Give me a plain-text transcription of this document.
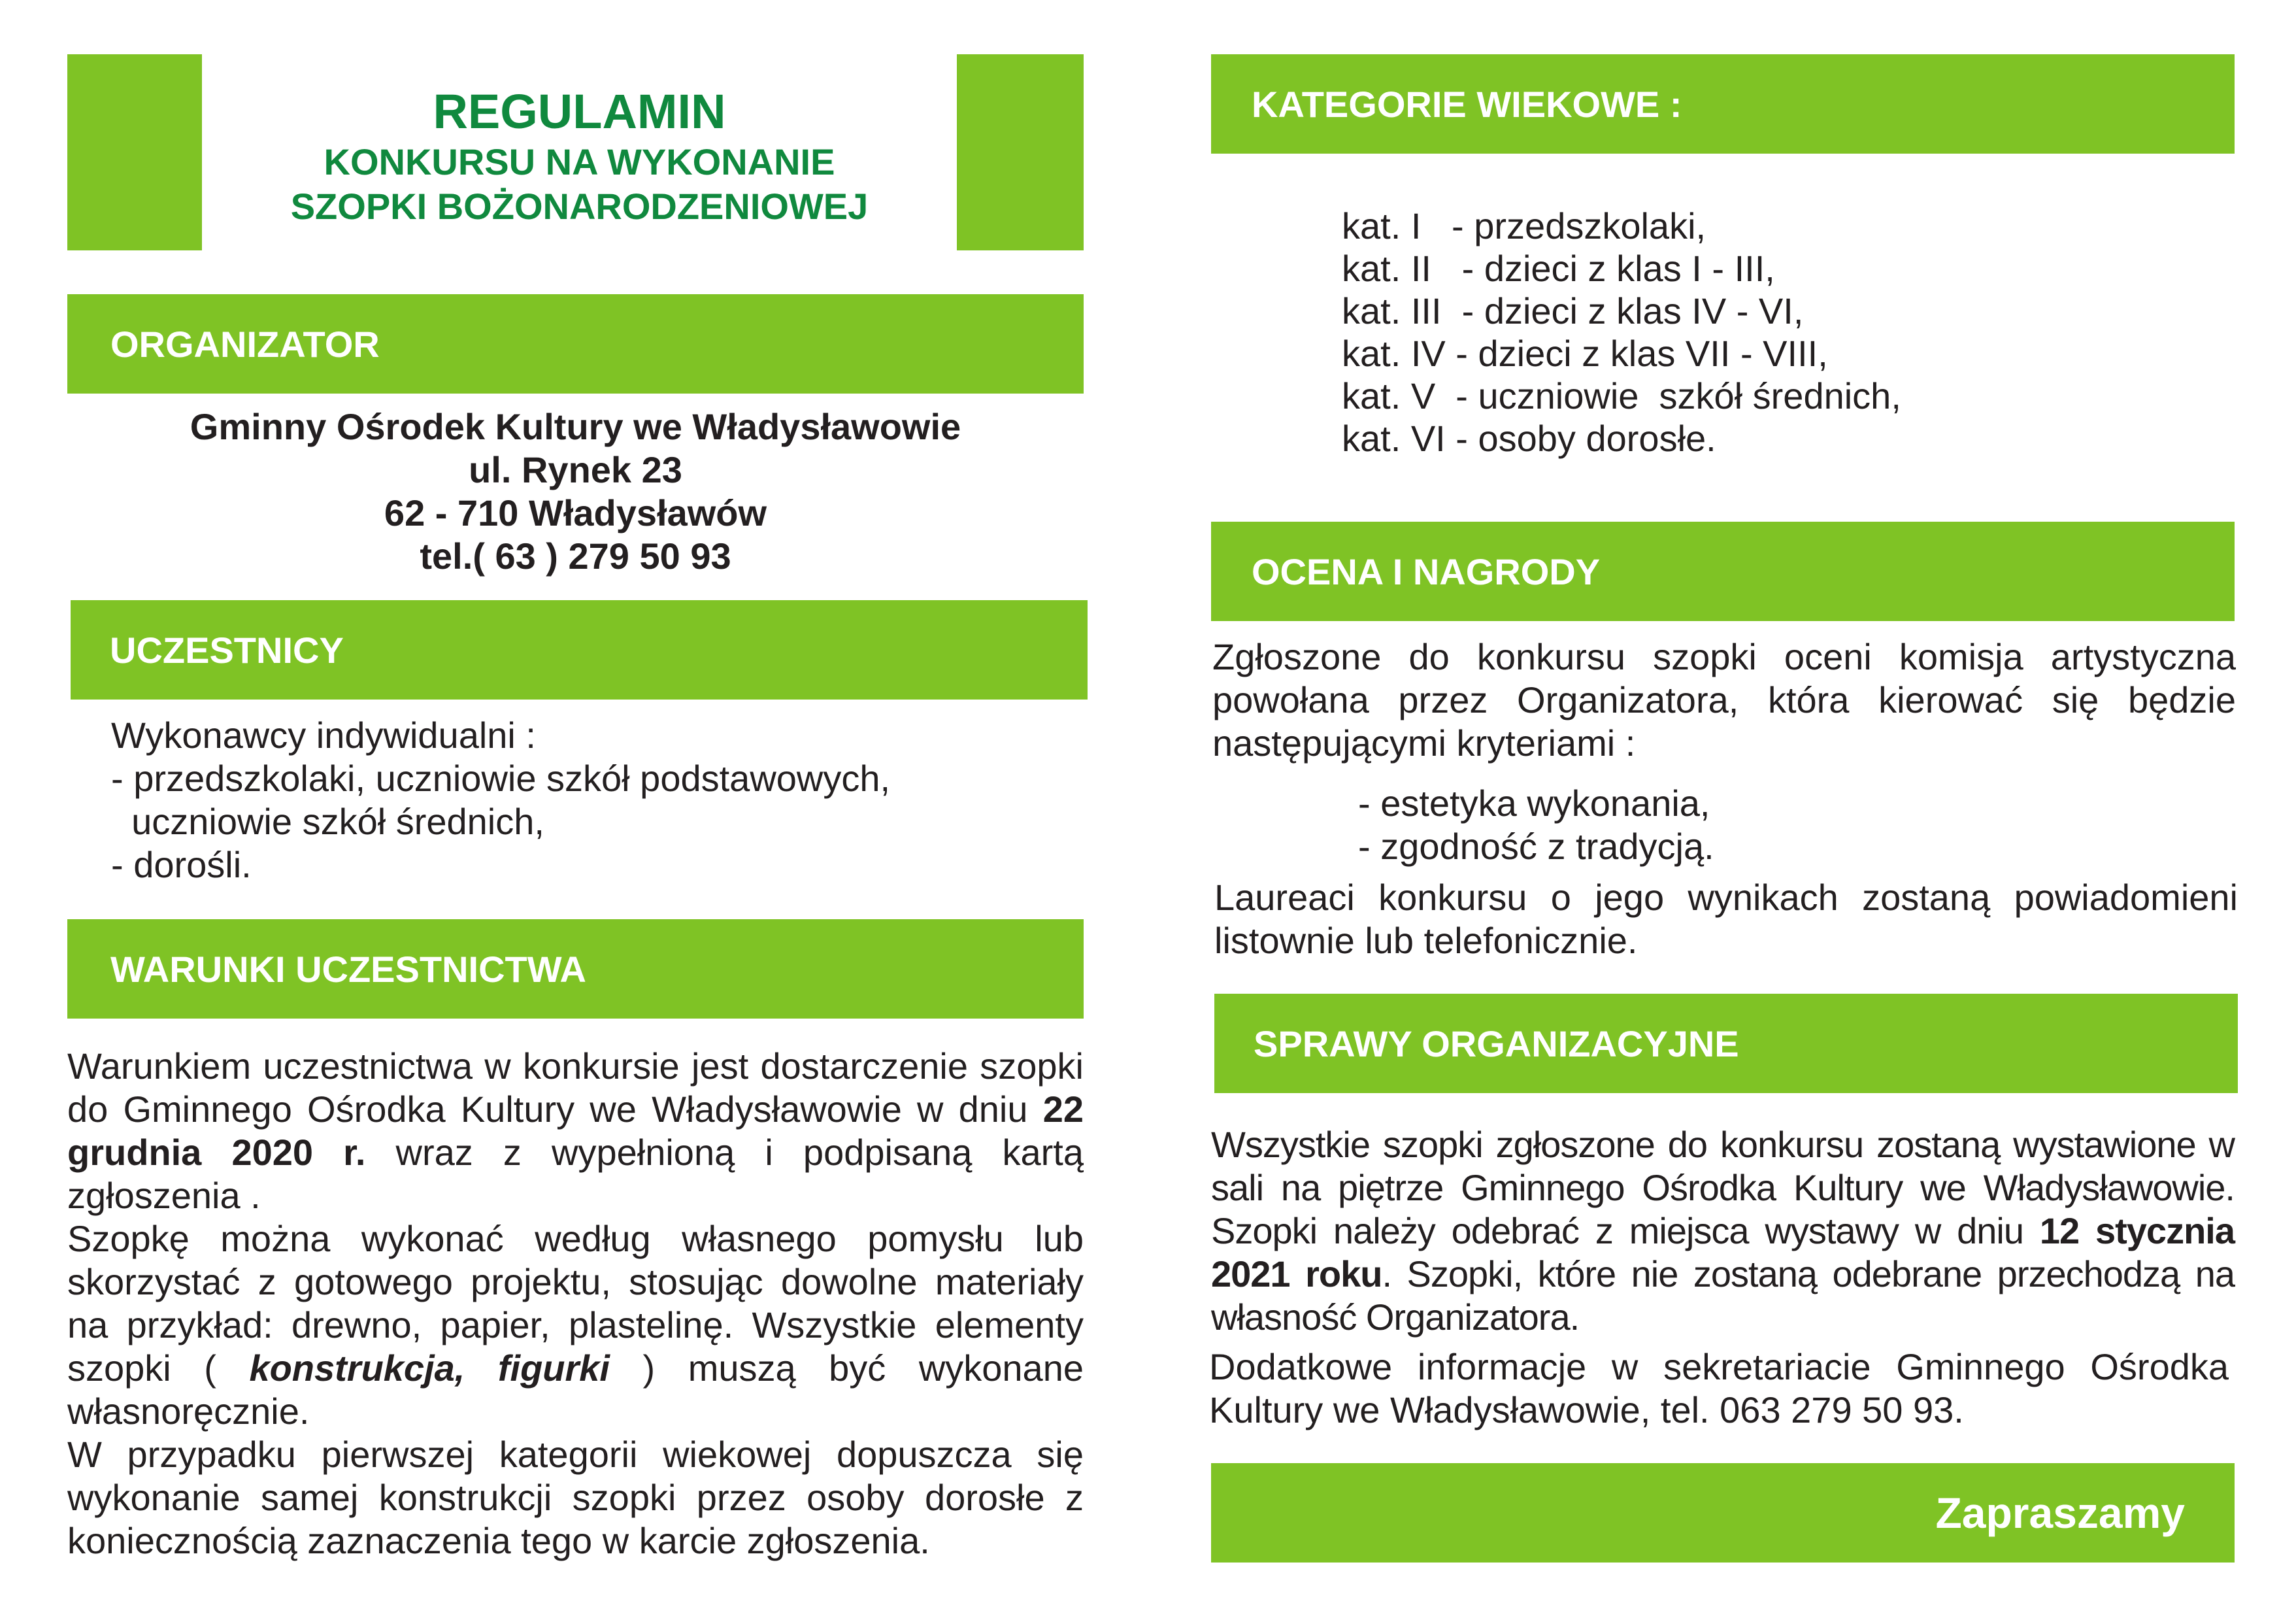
REGULAMIN
KONKURSU NA WYKONANIE
SZOPKI BOŻONARODZENIOWEJ
ORGANIZATOR
Gminny Ośrodek Kultury we Władysławowie
ul. Rynek 23
62 - 710 Władysławów
tel.( 63 ) 279 50 93
UCZESTNICY
Wykonawcy indywidualni :
- przedszkolaki, uczniowie szkół podstawowych,
uczniowie szkół średnich,
- dorośli.
WARUNKI UCZESTNICTWA
Warunkiem uczestnictwa w konkursie jest dostarczenie szopki do Gminnego Ośrodka Kultury we Władysławowie w dniu 22 grudnia 2020 r. wraz z wypełnioną i podpisaną kartą zgłoszenia .
Szopkę można wykonać według własnego pomysłu lub skorzystać z gotowego projektu, stosując dowolne materiały na przykład: drewno, papier, plastelinę. Wszystkie elementy szopki ( konstrukcja, figurki ) muszą być wykonane własnoręcznie.
W przypadku pierwszej kategorii wiekowej dopuszcza się wykonanie samej konstrukcji szopki przez osoby dorosłe z koniecznością zaznaczenia tego w karcie zgłoszenia.
KATEGORIE WIEKOWE :
kat. I   - przedszkolaki,
kat. II   - dzieci z klas I - III,
kat. III  - dzieci z klas IV - VI,
kat. IV - dzieci z klas VII - VIII,
kat. V  - uczniowie  szkół średnich,
kat. VI - osoby dorosłe.
OCENA I NAGRODY
Zgłoszone do konkursu szopki oceni komisja artystyczna powołana przez Organizatora, która kierować się będzie następującymi kryteriami :
- estetyka wykonania,
- zgodność z tradycją.
Laureaci konkursu o jego wynikach zostaną powiadomieni listownie lub telefonicznie.
SPRAWY ORGANIZACYJNE
Wszystkie szopki zgłoszone do konkursu zostaną wystawione w sali na piętrze Gminnego Ośrodka Kultury we Władysławowie. Szopki należy odebrać z miejsca wystawy w dniu 12 stycznia 2021 roku. Szopki, które nie zostaną odebrane przechodzą na własność Organizatora.
Dodatkowe informacje w sekretariacie Gminnego Ośrodka Kultury we Władysławowie, tel. 063 279 50 93.
Zapraszamy
